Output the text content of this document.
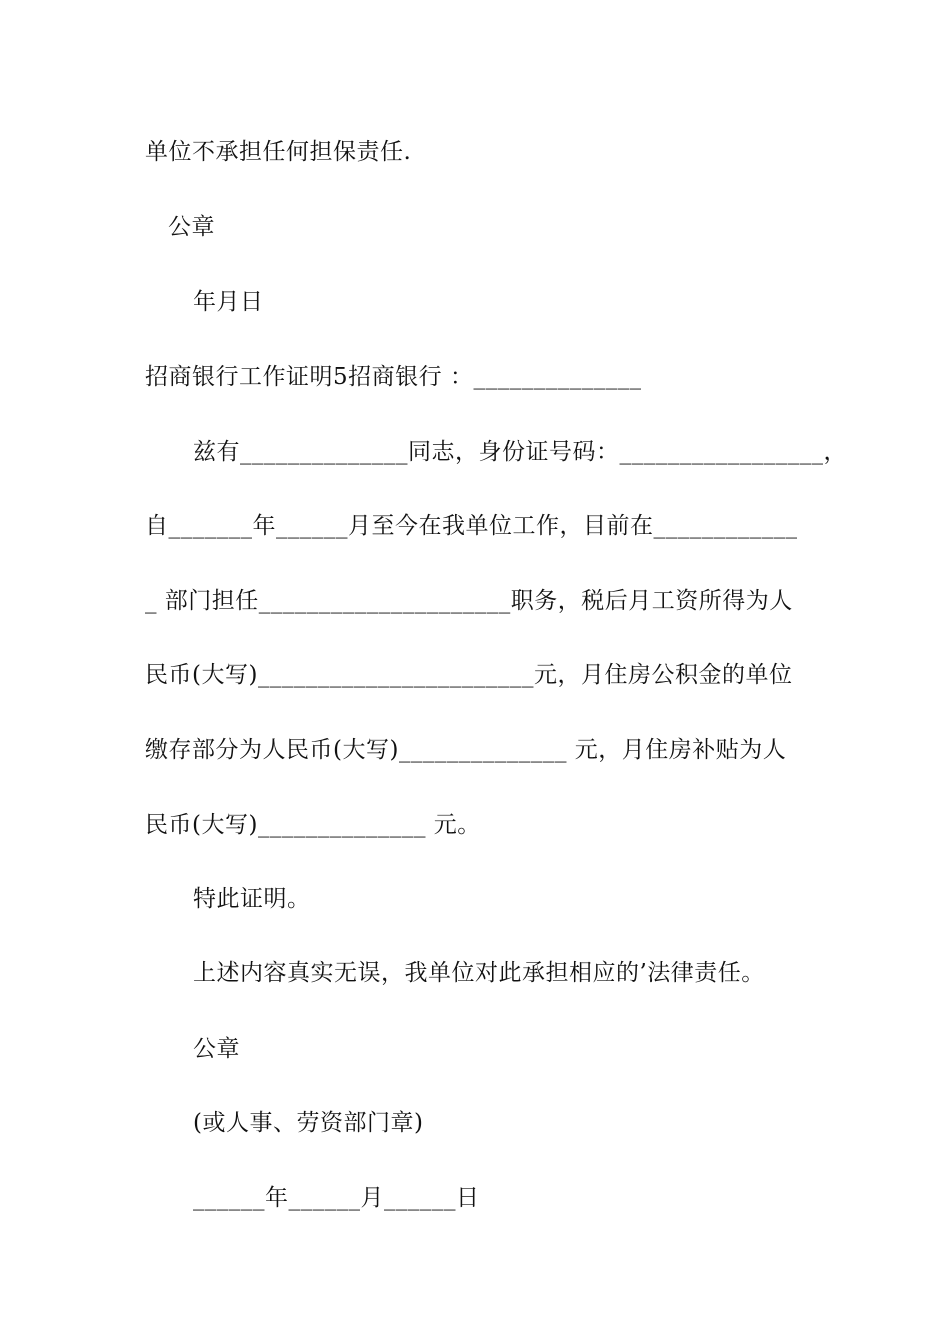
单位不承担任何担保责任.
公章
年月日
招商银行工作证明5招商银行 ：______________
兹有______________同志，身份证号码：_________________，
自_______年______月至今在我单位工作，目前在____________
_ 部门担任_____________________职务，税后月工资所得为人
民币(大写)_______________________元，月住房公积金的单位
缴存部分为人民币(大写)______________ 元，月住房补贴为人
民币(大写)______________ 元。
特此证明。
上述内容真实无误，我单位对此承担相应的’法律责任。
公章
(或人事、劳资部门章)
______年______月______日
